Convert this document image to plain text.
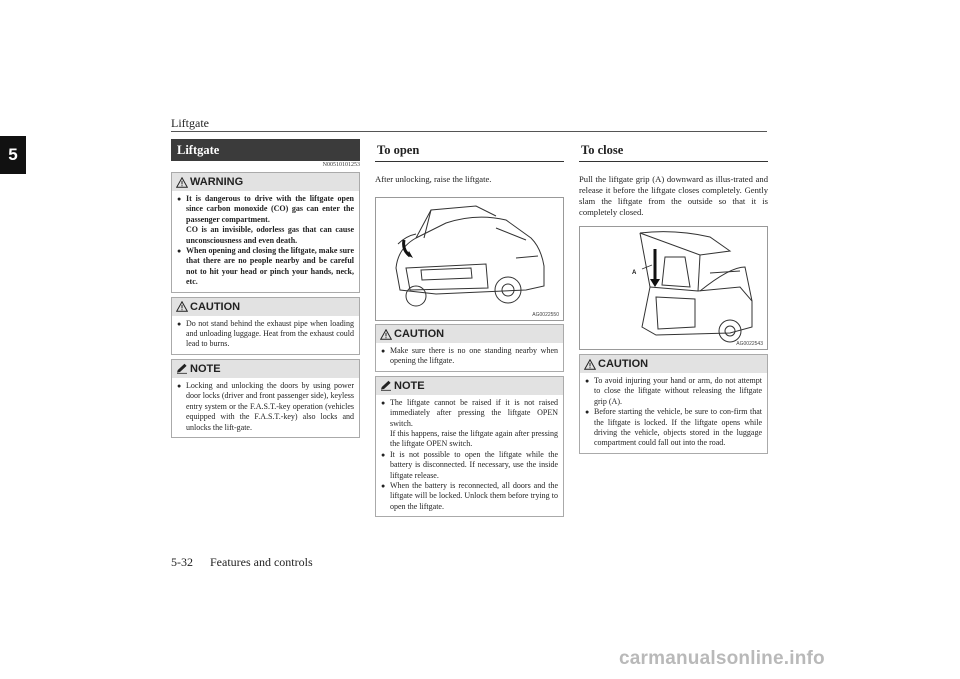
Liftgate
5	Liftgate
N00510101253
WARNING

● It is dangerous to drive with the liftgate open since carbon monoxide (CO) gas can enter the passenger compartment.

CO is an invisible, odorless gas that can cause unconsciousness and even death.

● When opening and closing the liftgate, make sure that there are no people nearby and be careful not to hit your head or pinch your hands, neck, etc.

CAUTION

● Do not stand behind the exhaust pipe when loading and unloading luggage. Heat from the exhaust could lead to burns.

NOTE

● Locking and unlocking the doors by using power door locks (driver and front passenger side), keyless entry system or the F.A.S.T.-key operation (vehicles equipped with the F.A.S.T.-key) also locks and unlocks the lift-gate.

To open
After unlocking, raise the liftgate.
AG0022550
CAUTION

● Make sure there is no one standing nearby when opening the liftgate.

NOTE

● The liftgate cannot be raised if it is not raised immediately after pressing the liftgate OPEN switch.

If this happens, raise the liftgate again after pressing the liftgate OPEN switch.

● It is not possible to open the liftgate while the battery is disconnected. If necessary, use the inside liftgate release.

● When the battery is reconnected, all doors and the liftgate will be locked. Unlock them before trying to open the liftgate.

To close
Pull the liftgate grip (A) downward as illus-trated and release it before the liftgate closes completely. Gently slam the liftgate from the outside so that it is completely closed.
A
AG0022543
CAUTION

● To avoid injuring your hand or arm, do not attempt to close the liftgate without releasing the liftgate grip (A).

● Before starting the vehicle, be sure to con-firm that the liftgate is locked. If the liftgate opens while driving the vehicle, objects stored in the luggage compartment could fall out into the road.

5-32 Features and controls
carmanualsonline.info
